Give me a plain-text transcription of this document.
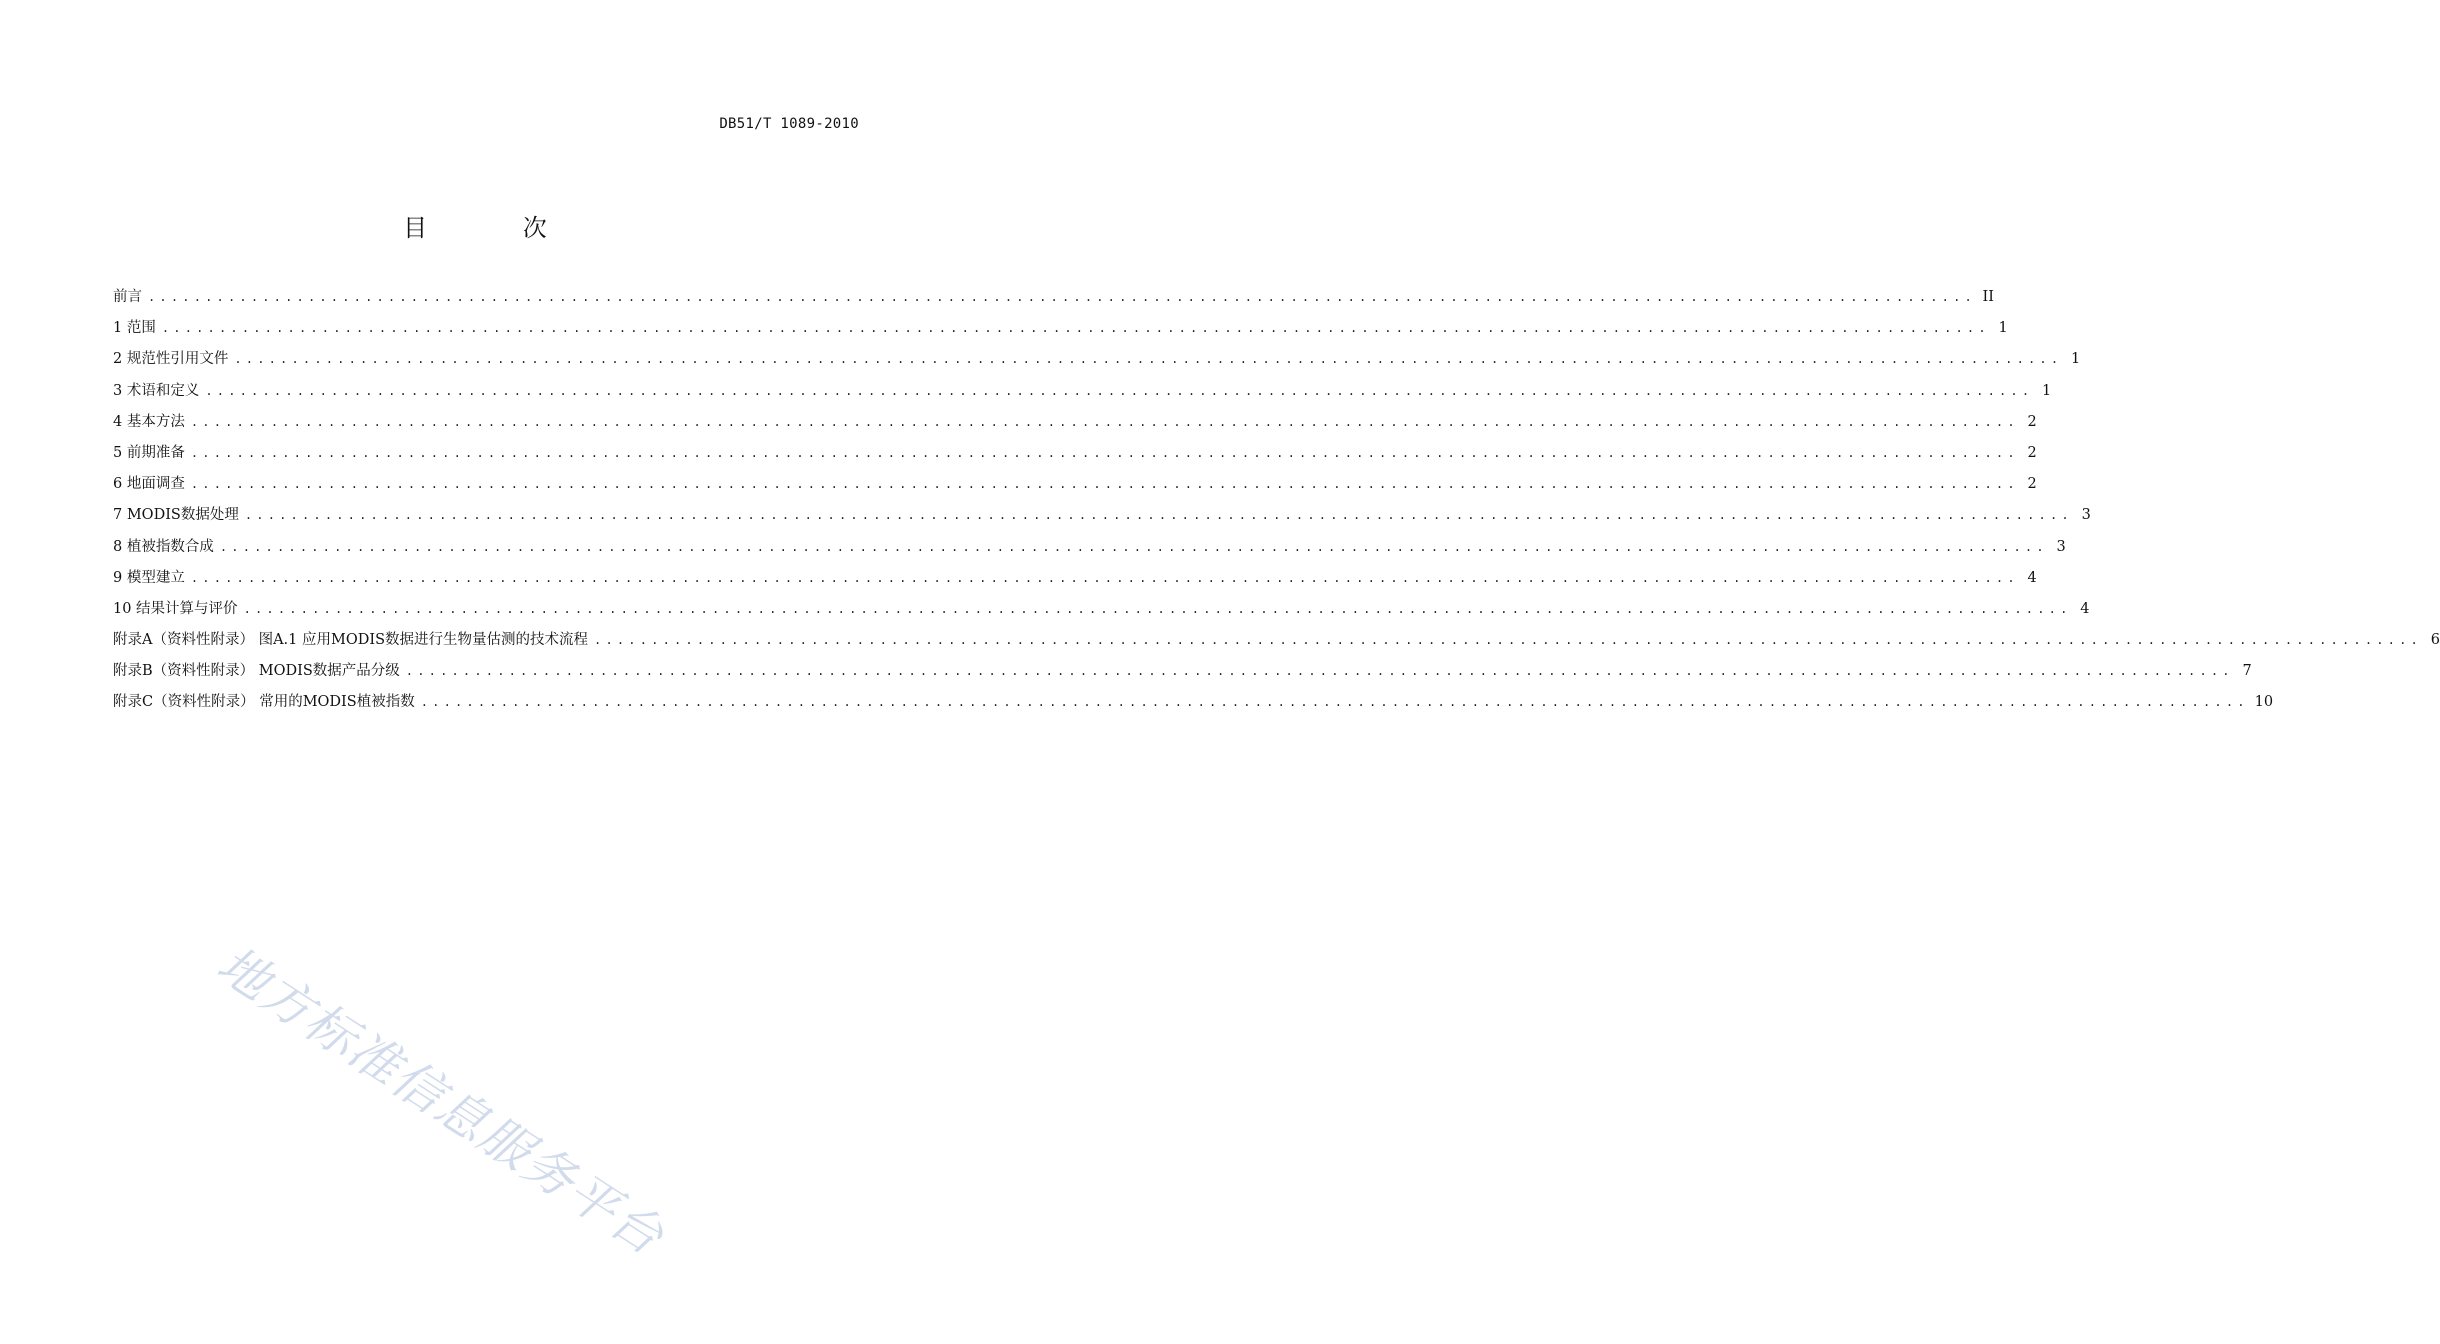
DB51/T 1089-2010
目 次
前言 ................................................................................................................................................................ II
1 范围 ................................................................................................................................................................ 1
2 规范性引用文件 ................................................................................................................................................................ 1
3 术语和定义 ................................................................................................................................................................ 1
4 基本方法 ................................................................................................................................................................ 2
5 前期准备 ................................................................................................................................................................ 2
6 地面调查 ................................................................................................................................................................ 2
7 MODIS数据处理 ................................................................................................................................................................ 3
8 植被指数合成 ................................................................................................................................................................ 3
9 模型建立 ................................................................................................................................................................ 4
10 结果计算与评价 ................................................................................................................................................................ 4
附录A（资料性附录） 图A.1 应用MODIS数据进行生物量估测的技术流程 ................................................................................................................................................................ 6
附录B（资料性附录） MODIS数据产品分级 ................................................................................................................................................................ 7
附录C（资料性附录） 常用的MODIS植被指数 ................................................................................................................................................................ 10
地方标准信息服务平台
